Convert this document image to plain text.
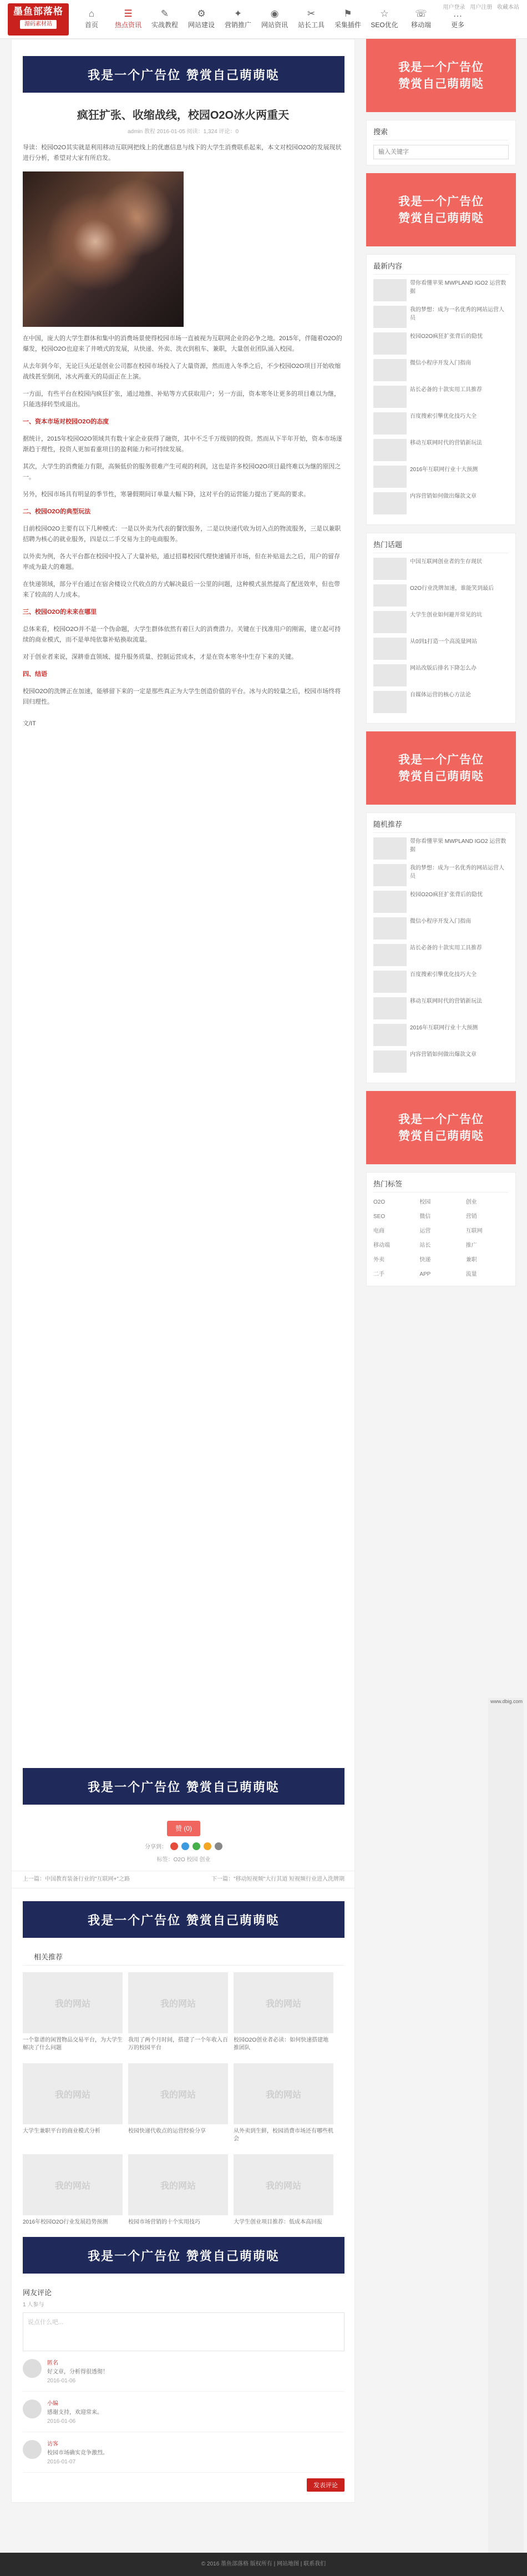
墨鱼部落格
源码素材站
⌂
首页
☰
热点资讯
✎
实战教程
⚙
网站建设
✦
营销推广
◉
网站资讯
✂
站长工具
⚑
采集插件
☆
SEO优化
☏
移动端
…
更多
用户登录 用户注册 收藏本站
我是一个广告位 赞赏自己萌萌哒
疯狂扩张、收缩战线，校园O2O冰火两重天
admin 教程 2016-01-05 阅读：1,324 评论：0
导读：校园O2O其实就是利用移动互联网把线上的优惠信息与线下的大学生消费联系起来，本文对校园O2O的发展现状进行分析，希望对大家有所启发。
在中国，庞大的大学生群体和集中的消费场景使得校园市场一直被视为互联网企业的必争之地。2015年，伴随着O2O的爆发，校园O2O也迎来了井喷式的发展，从快递、外卖、洗衣到租车、兼职，大量创业团队涌入校园。
从去年到今年，无论巨头还是创业公司都在校园市场投入了大量资源，然而进入冬季之后，不少校园O2O项目开始收缩战线甚至倒闭，冰火两重天的局面正在上演。
一方面，有些平台在校园内疯狂扩张，通过地推、补贴等方式获取用户；另一方面，资本寒冬让更多的项目难以为继，只能选择转型或退出。
一、资本市场对校园O2O的态度
据统计，2015年校园O2O领域共有数十家企业获得了融资，其中不乏千万级别的投资。然而从下半年开始，资本市场逐渐趋于理性，投资人更加看重项目的盈利能力和可持续发展。
其次，大学生的消费能力有限，高频低价的服务很难产生可观的利润，这也是许多校园O2O项目最终难以为继的原因之一。
另外，校园市场具有明显的季节性，寒暑假期间订单量大幅下降，这对平台的运营能力提出了更高的要求。
二、校园O2O的典型玩法
目前校园O2O主要有以下几种模式：一是以外卖为代表的餐饮服务，二是以快递代收为切入点的物流服务，三是以兼职招聘为核心的就业服务，四是以二手交易为主的电商服务。
以外卖为例，各大平台都在校园中投入了大量补贴，通过招募校园代理快速铺开市场，但在补贴退去之后，用户的留存率成为最大的难题。
在快递领域，部分平台通过在宿舍楼设立代收点的方式解决最后一公里的问题，这种模式虽然提高了配送效率，但也带来了较高的人力成本。
三、校园O2O的未来在哪里
总体来看，校园O2O并不是一个伪命题，大学生群体依然有着巨大的消费潜力。关键在于找准用户的刚需，建立起可持续的商业模式，而不是单纯依靠补贴换取流量。
对于创业者来说，深耕垂直领域、提升服务质量、控制运营成本，才是在资本寒冬中生存下来的关键。
四、结语
校园O2O的洗牌正在加速，能够留下来的一定是那些真正为大学生创造价值的平台。冰与火的较量之后，校园市场终将回归理性。
文/IT
我是一个广告位 赞赏自己萌萌哒
赞 (0)
分享到：
标签：O2O 校园 创业
上一篇：中国教育装备行业的"互联网+"之路	下一篇："移动短视频"大行其道 短视频行业进入洗牌期
我是一个广告位 赞赏自己萌萌哒
相关推荐
我的网站
一个靠谱的闲置物品交易平台，为大学生解决了什么问题
我的网站
我用了两个月时间，搭建了一个年收入百万的校园平台
我的网站
校园O2O创业者必读：如何快速搭建地推团队
我的网站
大学生兼职平台的商业模式分析
我的网站
校园快递代收点的运营经验分享
我的网站
从外卖到生鲜，校园消费市场还有哪些机会
我的网站
2016年校园O2O行业发展趋势预测
我的网站
校园市场营销的十个实用技巧
我的网站
大学生创业项目推荐：低成本高回报
我是一个广告位 赞赏自己萌萌哒
网友评论
1 人参与
说点什么吧...
匿名
好文章，分析得很透彻！
2016-01-06
小编
感谢支持，欢迎常来。
2016-01-06
访客
校园市场确实竞争激烈。
2016-01-07
发表评论
我是一个广告位
赞赏自己萌萌哒
搜索
输入关键字
我是一个广告位
赞赏自己萌萌哒
最新内容
带你看懂苹果 MWPLAND IGO2 运营数据
我的梦想：成为一名优秀的网站运营人员
校园O2O疯狂扩张背后的隐忧
微信小程序开发入门指南
站长必备的十款实用工具推荐
百度搜索引擎优化技巧大全
移动互联网时代的营销新玩法
2016年互联网行业十大预测
内容营销如何做出爆款文章
热门话题
中国互联网创业者的生存现状
O2O行业洗牌加速，谁能笑到最后
大学生创业如何避开常见的坑
从0到1打造一个高流量网站
网站改版后排名下降怎么办
自媒体运营的核心方法论
我是一个广告位
赞赏自己萌萌哒
随机推荐
带你看懂苹果 MWPLAND IGO2 运营数据
我的梦想：成为一名优秀的网站运营人员
校园O2O疯狂扩张背后的隐忧
微信小程序开发入门指南
站长必备的十款实用工具推荐
百度搜索引擎优化技巧大全
移动互联网时代的营销新玩法
2016年互联网行业十大预测
内容营销如何做出爆款文章
我是一个广告位
赞赏自己萌萌哒
热门标签
O2O	校园	创业
SEO	微信	营销
电商	运营	互联网
移动端	站长	推广
外卖	快递	兼职
二手	APP	流量
www.dbig.com
© 2016 墨鱼部落格 版权所有 | 网站地图 | 联系我们
